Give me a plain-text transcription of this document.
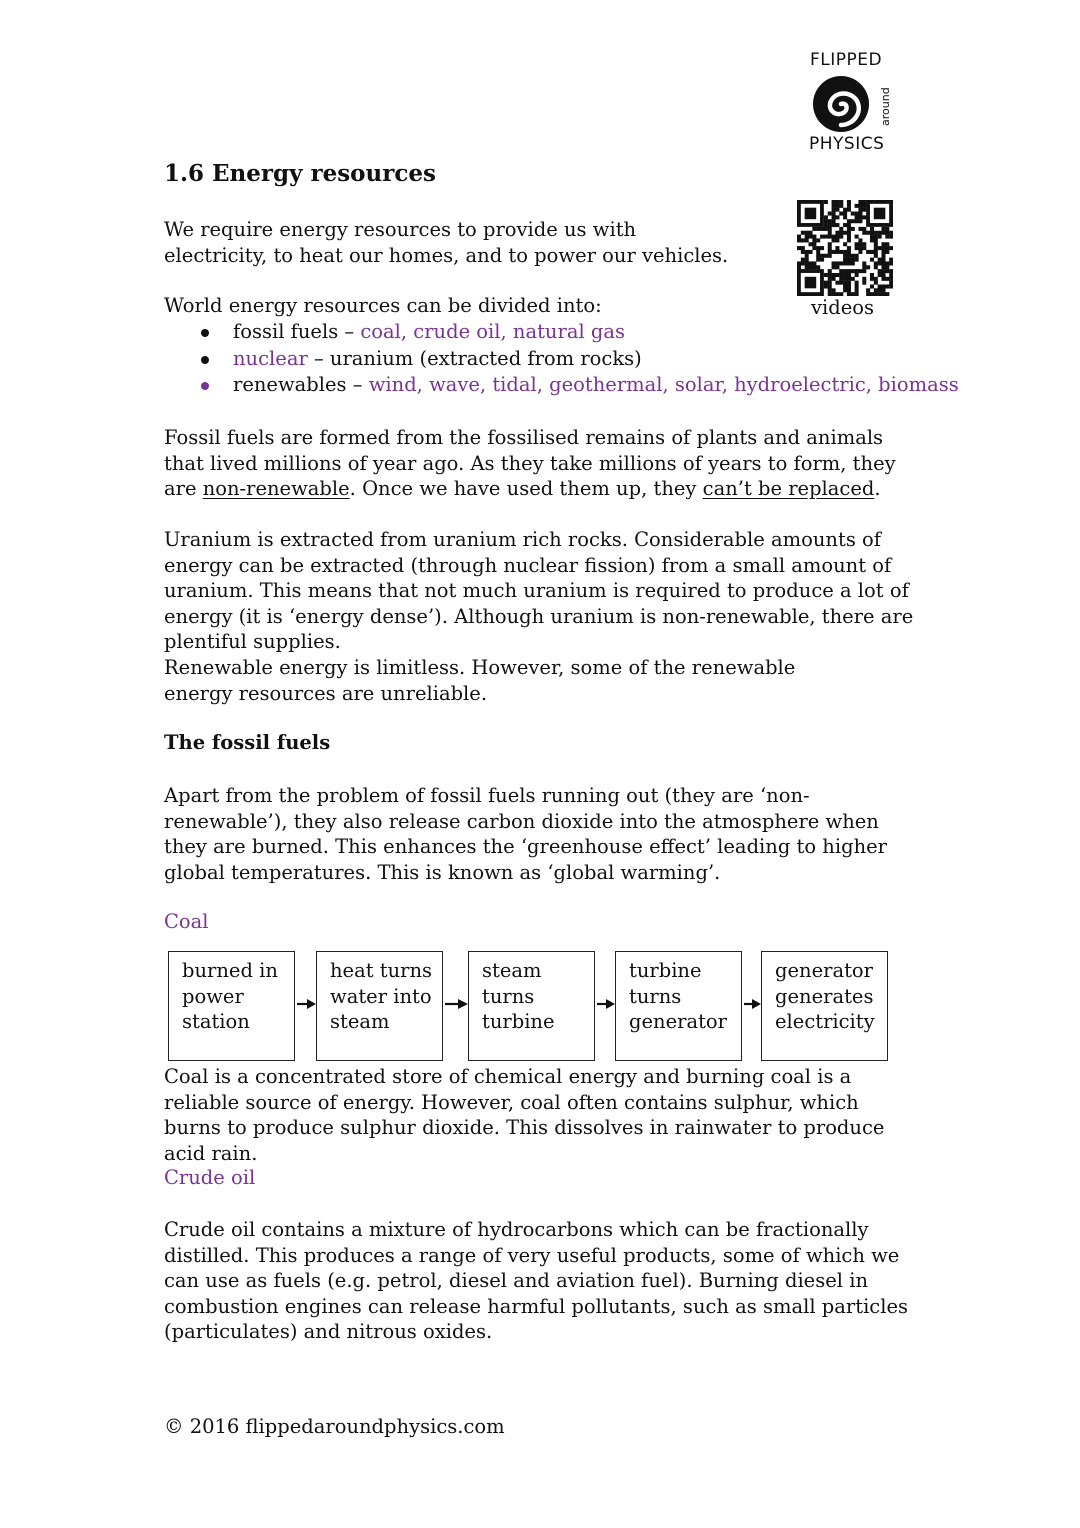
FLIPPED
around
PHYSICS
videos
1.6 Energy resources

We require energy resources to provide us with electricity, to heat our homes, and to power our vehicles.

World energy resources can be divided into:

fossil fuels – coal, crude oil, natural gas
nuclear – uranium (extracted from rocks)
renewables – wind, wave, tidal, geothermal, solar, hydroelectric, biomass

Fossil fuels are formed from the fossilised remains of plants and animals that lived millions of year ago. As they take millions of years to form, they are non-renewable. Once we have used them up, they can’t be replaced.

Uranium is extracted from uranium rich rocks. Considerable amounts of energy can be extracted (through nuclear fission) from a small amount of uranium. This means that not much uranium is required to produce a lot of energy (it is ‘energy dense’). Although uranium is non-renewable, there are plentiful supplies.

Renewable energy is limitless. However, some of the renewable energy resources are unreliable.

The fossil fuels

Apart from the problem of fossil fuels running out (they are ‘non-renewable’), they also release carbon dioxide into the atmosphere when they are burned. This enhances the ‘greenhouse effect’ leading to higher global temperatures. This is known as ‘global warming’.

Coal
burned in
power
station
heat turns
water into
steam
steam
turns
turbine
turbine
turns
generator
generator
generates
electricity

Coal is a concentrated store of chemical energy and burning coal is a reliable source of energy. However, coal often contains sulphur, which burns to produce sulphur dioxide. This dissolves in rainwater to produce acid rain.

Crude oil

Crude oil contains a mixture of hydrocarbons which can be fractionally distilled. This produces a range of very useful products, some of which we can use as fuels (e.g. petrol, diesel and aviation fuel). Burning diesel in combustion engines can release harmful pollutants, such as small particles (particulates) and nitrous oxides.

© 2016 flippedaroundphysics.com
